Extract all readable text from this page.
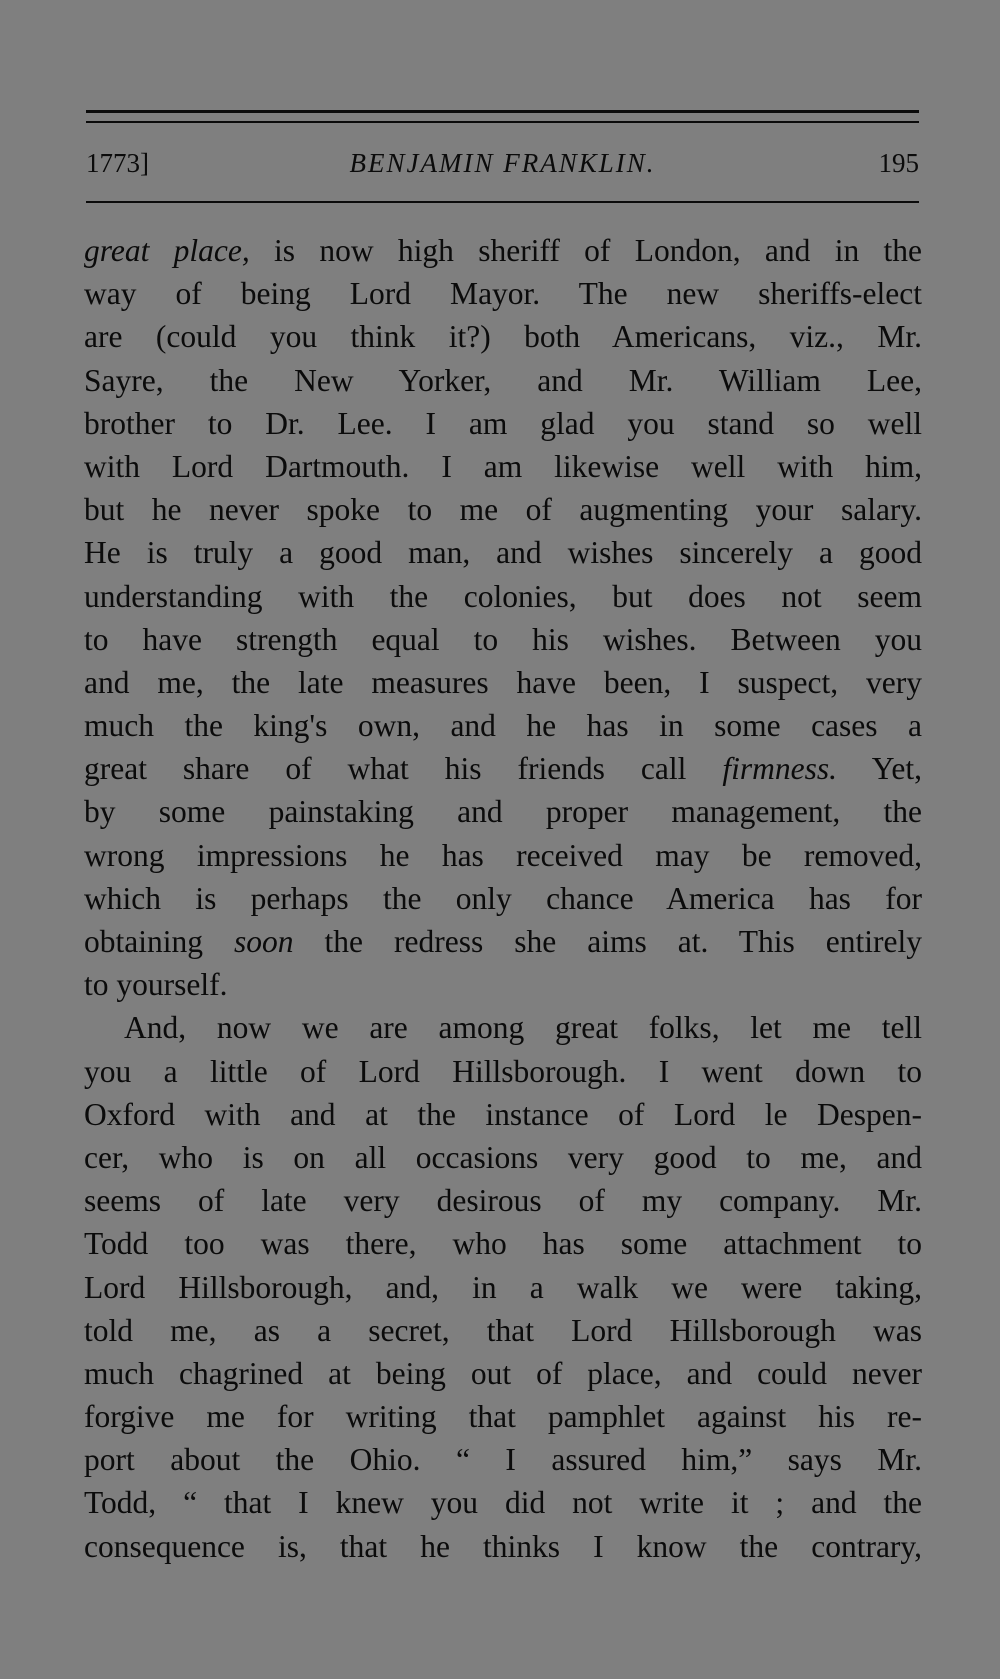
1773]	BENJAMIN FRANKLIN.	195
great place, is now high sheriff of London, and in the
way of being Lord Mayor. The new sheriffs-elect
are (could you think it?) both Americans, viz., Mr.
Sayre, the New Yorker, and Mr. William Lee,
brother to Dr. Lee. I am glad you stand so well
with Lord Dartmouth. I am likewise well with him,
but he never spoke to me of augmenting your salary.
He is truly a good man, and wishes sincerely a good
understanding with the colonies, but does not seem
to have strength equal to his wishes. Between you
and me, the late measures have been, I suspect, very
much the king's own, and he has in some cases a
great share of what his friends call firmness. Yet,
by some painstaking and proper management, the
wrong impressions he has received may be removed,
which is perhaps the only chance America has for
obtaining soon the redress she aims at. This entirely
to yourself.
And, now we are among great folks, let me tell
you a little of Lord Hillsborough. I went down to
Oxford with and at the instance of Lord le Despen-
cer, who is on all occasions very good to me, and
seems of late very desirous of my company. Mr.
Todd too was there, who has some attachment to
Lord Hillsborough, and, in a walk we were taking,
told me, as a secret, that Lord Hillsborough was
much chagrined at being out of place, and could never
forgive me for writing that pamphlet against his re-
port about the Ohio. “ I assured him,” says Mr.
Todd, “ that I knew you did not write it ; and the
consequence is, that he thinks I know the contrary,
